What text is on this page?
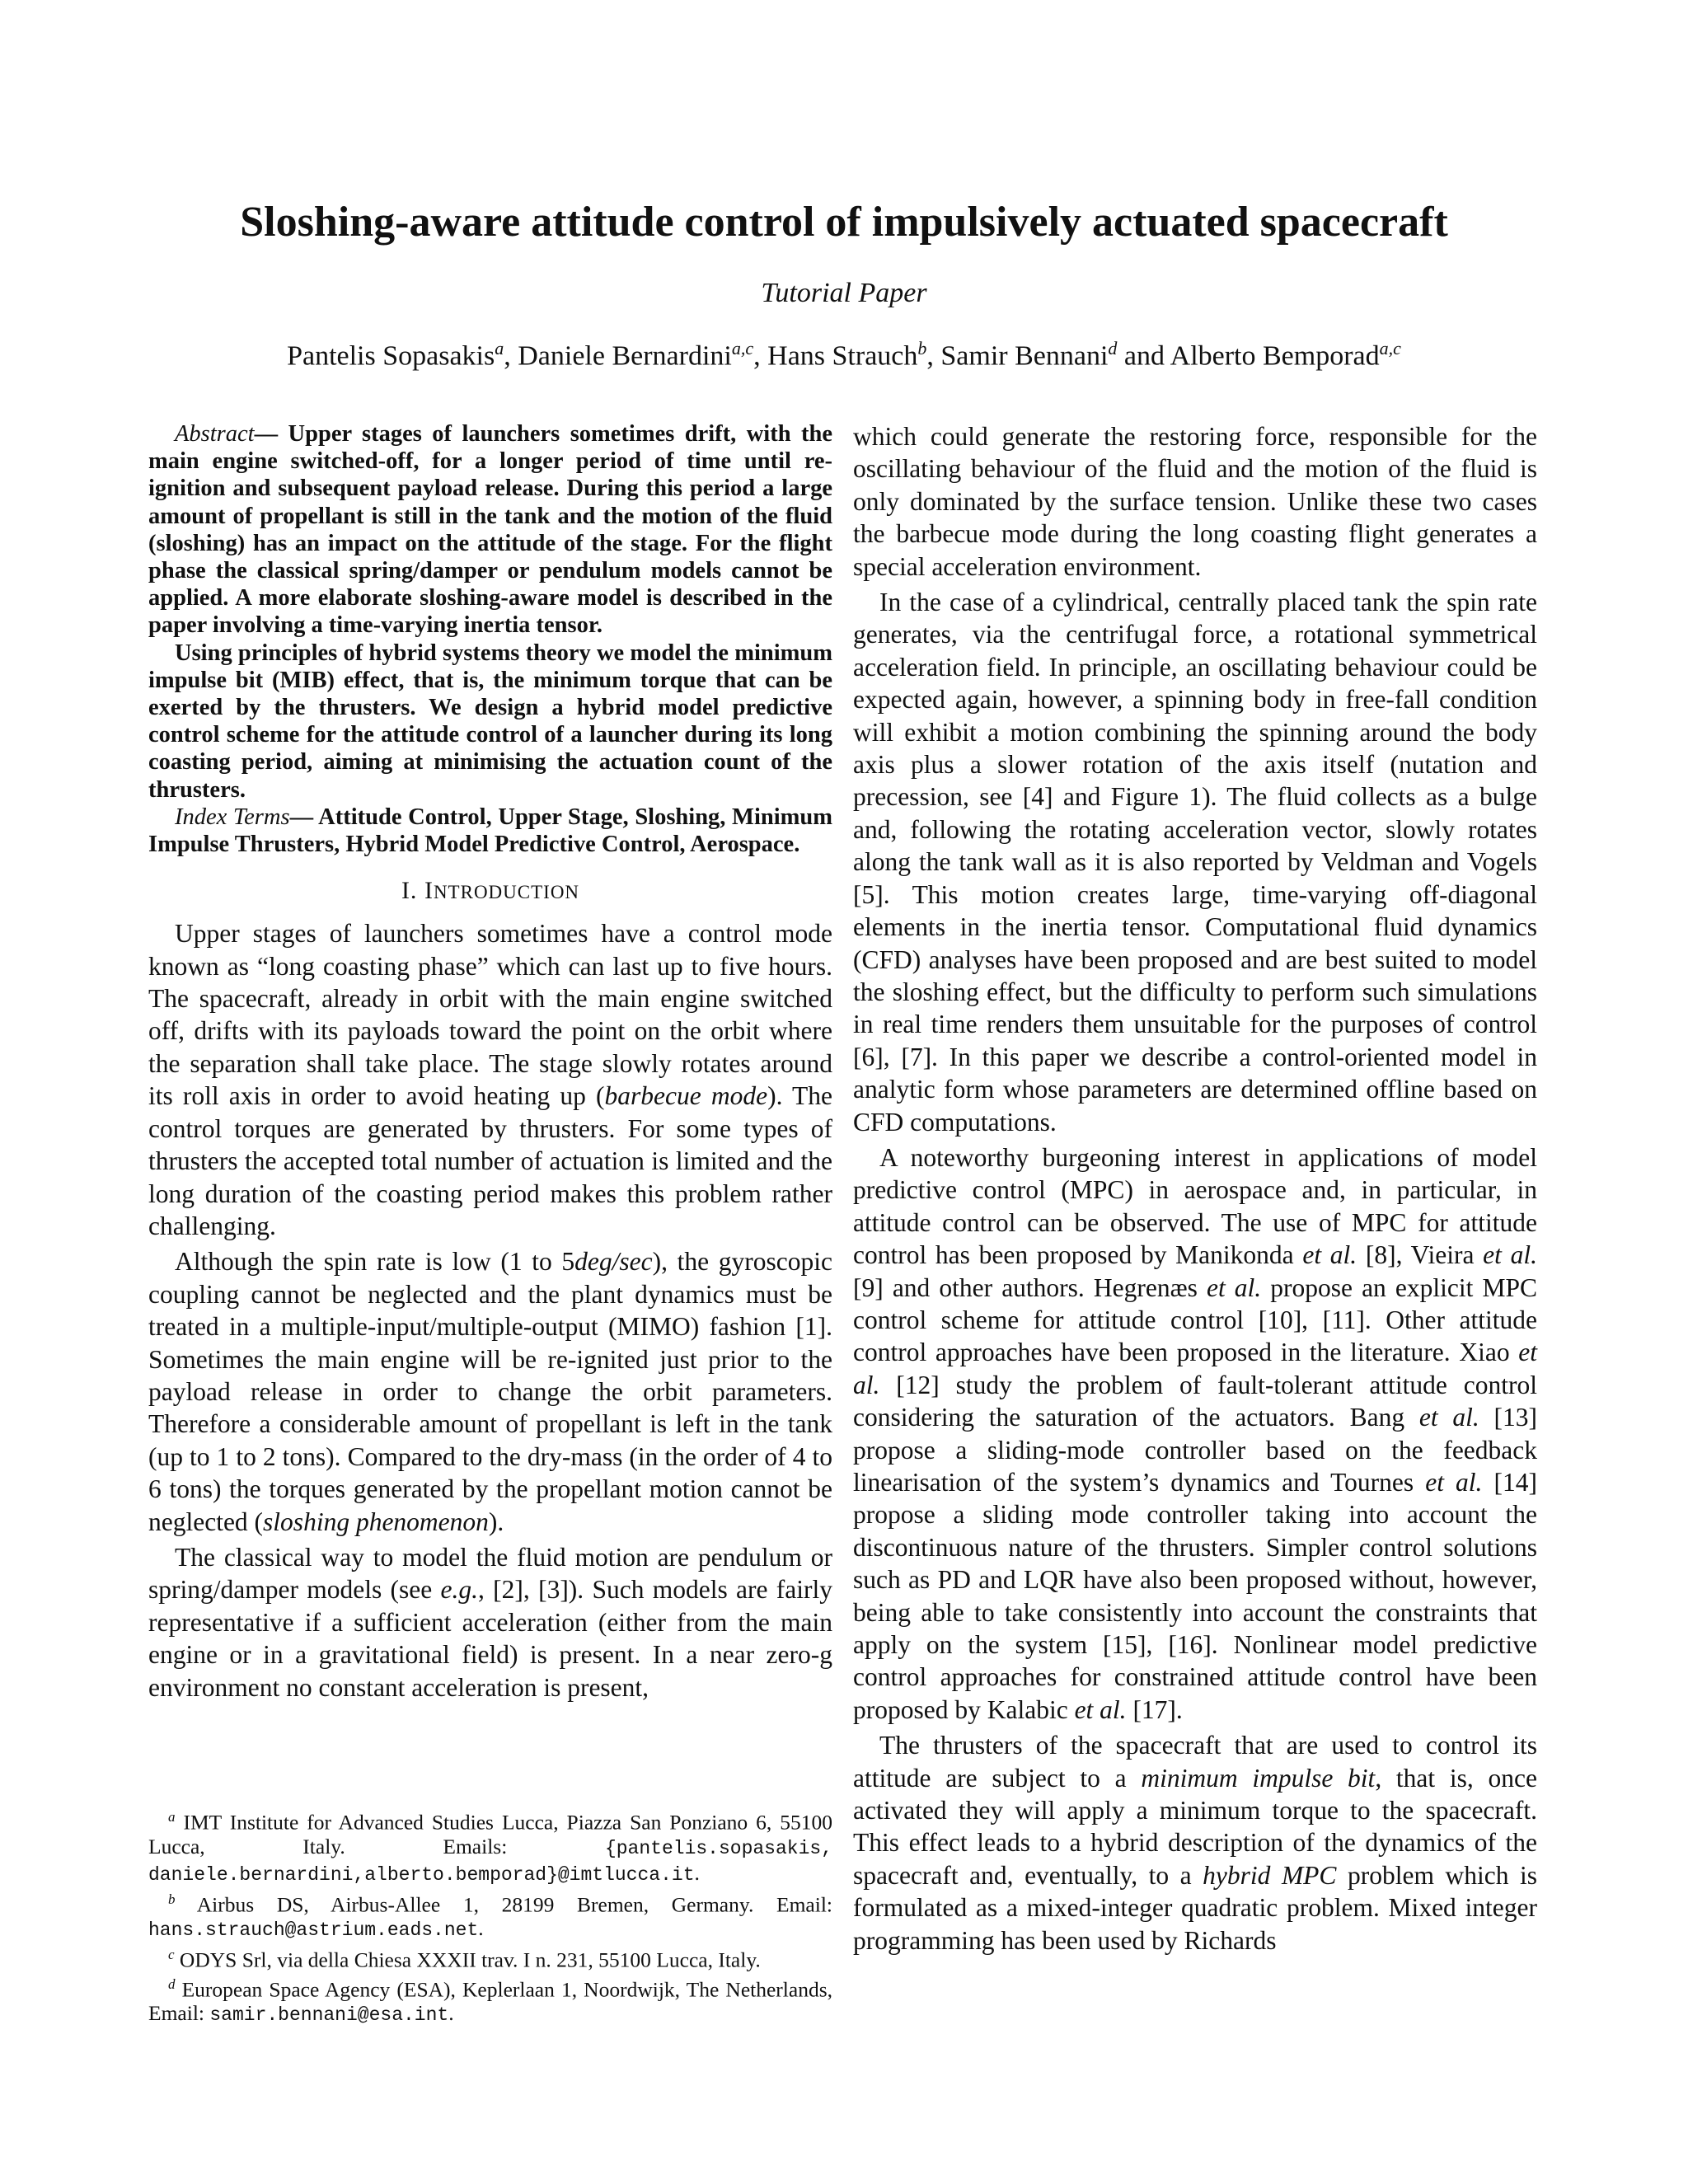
Sloshing-aware attitude control of impulsively actuated spacecraft
Tutorial Paper
Pantelis Sopasakis$^a$, Daniele Bernardini$^{a,c}$, Hans Strauch$^b$, Samir Bennani$^d$ and Alberto Bemporad$^{a,c}$

Abstract— Upper stages of launchers sometimes drift, with the main engine switched-off, for a longer period of time until re-ignition and subsequent payload release. During this period a large amount of propellant is still in the tank and the motion of the fluid (sloshing) has an impact on the attitude of the stage. For the flight phase the classical spring/damper or pendulum models cannot be applied. A more elaborate sloshing-aware model is described in the paper involving a time-varying inertia tensor.

Using principles of hybrid systems theory we model the minimum impulse bit (MIB) effect, that is, the minimum torque that can be exerted by the thrusters. We design a hybrid model predictive control scheme for the attitude control of a launcher during its long coasting period, aiming at minimising the actuation count of the thrusters.

Index Terms— Attitude Control, Upper Stage, Sloshing, Minimum Impulse Thrusters, Hybrid Model Predictive Control, Aerospace.

I. INTRODUCTION

Upper stages of launchers sometimes have a control mode known as “long coasting phase” which can last up to five hours. The spacecraft, already in orbit with the main engine switched off, drifts with its payloads toward the point on the orbit where the separation shall take place. The stage slowly rotates around its roll axis in order to avoid heating up (barbecue mode). The control torques are generated by thrusters. For some types of thrusters the accepted total number of actuation is limited and the long duration of the coasting period makes this problem rather challenging.

Although the spin rate is low (1 to 5deg/sec), the gyroscopic coupling cannot be neglected and the plant dynamics must be treated in a multiple-input/multiple-output (MIMO) fashion [1]. Sometimes the main engine will be re-ignited just prior to the payload release in order to change the orbit parameters. Therefore a considerable amount of propellant is left in the tank (up to 1 to 2 tons). Compared to the dry-mass (in the order of 4 to 6 tons) the torques generated by the propellant motion cannot be neglected (sloshing phenomenon).

The classical way to model the fluid motion are pendulum or spring/damper models (see e.g., [2], [3]). Such models are fairly representative if a sufficient acceleration (either from the main engine or in a gravitational field) is present. In a near zero-g environment no constant acceleration is present,

$^a$ IMT Institute for Advanced Studies Lucca, Piazza San Ponziano 6, 55100 Lucca, Italy. Emails: {pantelis.sopasakis, daniele.bernardini,alberto.bemporad}@imtlucca.it.

$^b$ Airbus DS, Airbus-Allee 1, 28199 Bremen, Germany. Email: hans.strauch@astrium.eads.net.

$^c$ ODYS Srl, via della Chiesa XXXII trav. I n. 231, 55100 Lucca, Italy.

$^d$ European Space Agency (ESA), Keplerlaan 1, Noordwijk, The Netherlands, Email: samir.bennani@esa.int.

which could generate the restoring force, responsible for the oscillating behaviour of the fluid and the motion of the fluid is only dominated by the surface tension. Unlike these two cases the barbecue mode during the long coasting flight generates a special acceleration environment.

In the case of a cylindrical, centrally placed tank the spin rate generates, via the centrifugal force, a rotational symmetrical acceleration field. In principle, an oscillating behaviour could be expected again, however, a spinning body in free-fall condition will exhibit a motion combining the spinning around the body axis plus a slower rotation of the axis itself (nutation and precession, see [4] and Figure 1). The fluid collects as a bulge and, following the rotating acceleration vector, slowly rotates along the tank wall as it is also reported by Veldman and Vogels [5]. This motion creates large, time-varying off-diagonal elements in the inertia tensor. Computational fluid dynamics (CFD) analyses have been proposed and are best suited to model the sloshing effect, but the difficulty to perform such simulations in real time renders them unsuitable for the purposes of control [6], [7]. In this paper we describe a control-oriented model in analytic form whose parameters are determined offline based on CFD computations.

A noteworthy burgeoning interest in applications of model predictive control (MPC) in aerospace and, in particular, in attitude control can be observed. The use of MPC for attitude control has been proposed by Manikonda et al. [8], Vieira et al. [9] and other authors. Hegrenæs et al. propose an explicit MPC control scheme for attitude control [10], [11]. Other attitude control approaches have been proposed in the literature. Xiao et al. [12] study the problem of fault-tolerant attitude control considering the saturation of the actuators. Bang et al. [13] propose a sliding-mode controller based on the feedback linearisation of the system’s dynamics and Tournes et al. [14] propose a sliding mode controller taking into account the discontinuous nature of the thrusters. Simpler control solutions such as PD and LQR have also been proposed without, however, being able to take consistently into account the constraints that apply on the system [15], [16]. Nonlinear model predictive control approaches for constrained attitude control have been proposed by Kalabic et al. [17].

The thrusters of the spacecraft that are used to control its attitude are subject to a minimum impulse bit, that is, once activated they will apply a minimum torque to the spacecraft. This effect leads to a hybrid description of the dynamics of the spacecraft and, eventually, to a hybrid MPC problem which is formulated as a mixed-integer quadratic problem. Mixed integer programming has been used by Richards
